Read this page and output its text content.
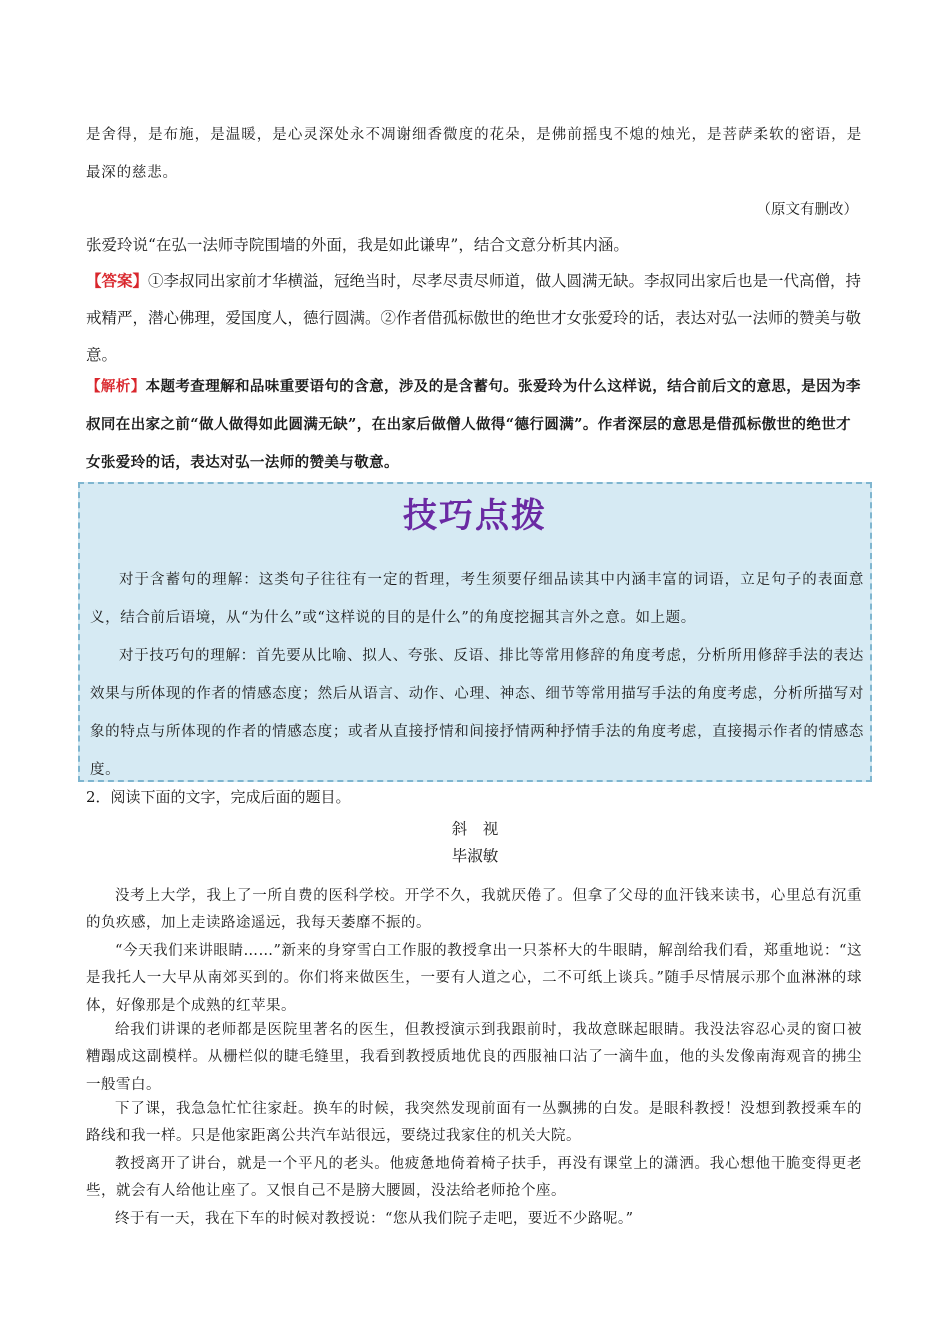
是舍得，是布施，是温暖，是心灵深处永不凋谢细香微度的花朵，是佛前摇曳不熄的烛光，是菩萨柔软的密语，是最深的慈悲。

（原文有删改）

张爱玲说“在弘一法师寺院围墙的外面，我是如此谦卑”，结合文意分析其内涵。

【答案】①李叔同出家前才华横溢，冠绝当时，尽孝尽责尽师道，做人圆满无缺。李叔同出家后也是一代高僧，持戒精严，潜心佛理，爱国度人，德行圆满。②作者借孤标傲世的绝世才女张爱玲的话，表达对弘一法师的赞美与敬意。

【解析】本题考查理解和品味重要语句的含意，涉及的是含蓄句。张爱玲为什么这样说，结合前后文的意思，是因为李叔同在出家之前“做人做得如此圆满无缺”，在出家后做僧人做得“德行圆满”。作者深层的意思是借孤标傲世的绝世才女张爱玲的话，表达对弘一法师的赞美与敬意。

技巧点拨

对于含蓄句的理解：这类句子往往有一定的哲理，考生须要仔细品读其中内涵丰富的词语，立足句子的表面意义，结合前后语境，从“为什么”或“这样说的目的是什么”的角度挖掘其言外之意。如上题。

对于技巧句的理解：首先要从比喻、拟人、夸张、反语、排比等常用修辞的角度考虑，分析所用修辞手法的表达效果与所体现的作者的情感态度；然后从语言、动作、心理、神态、细节等常用描写手法的角度考虑，分析所描写对象的特点与所体现的作者的情感态度；或者从直接抒情和间接抒情两种抒情手法的角度考虑，直接揭示作者的情感态度。

2．阅读下面的文字，完成后面的题目。
斜　视
毕淑敏

没考上大学，我上了一所自费的医科学校。开学不久，我就厌倦了。但拿了父母的血汗钱来读书，心里总有沉重的负疚感，加上走读路途遥远，我每天萎靡不振的。

“今天我们来讲眼睛……”新来的身穿雪白工作服的教授拿出一只茶杯大的牛眼睛，解剖给我们看，郑重地说：“这是我托人一大早从南郊买到的。你们将来做医生，一要有人道之心，二不可纸上谈兵。”随手尽情展示那个血淋淋的球体，好像那是个成熟的红苹果。

给我们讲课的老师都是医院里著名的医生，但教授演示到我跟前时，我故意眯起眼睛。我没法容忍心灵的窗口被糟蹋成这副模样。从栅栏似的睫毛缝里，我看到教授质地优良的西服袖口沾了一滴牛血，他的头发像南海观音的拂尘一般雪白。

下了课，我急急忙忙往家赶。换车的时候，我突然发现前面有一丛飘拂的白发。是眼科教授！没想到教授乘车的路线和我一样。只是他家距离公共汽车站很远，要绕过我家住的机关大院。

教授离开了讲台，就是一个平凡的老头。他疲惫地倚着椅子扶手，再没有课堂上的潇洒。我心想他干脆变得更老些，就会有人给他让座了。又恨自己不是膀大腰圆，没法给老师抢个座。

终于有一天，我在下车的时候对教授说：“您从我们院子走吧，要近不少路呢。”
